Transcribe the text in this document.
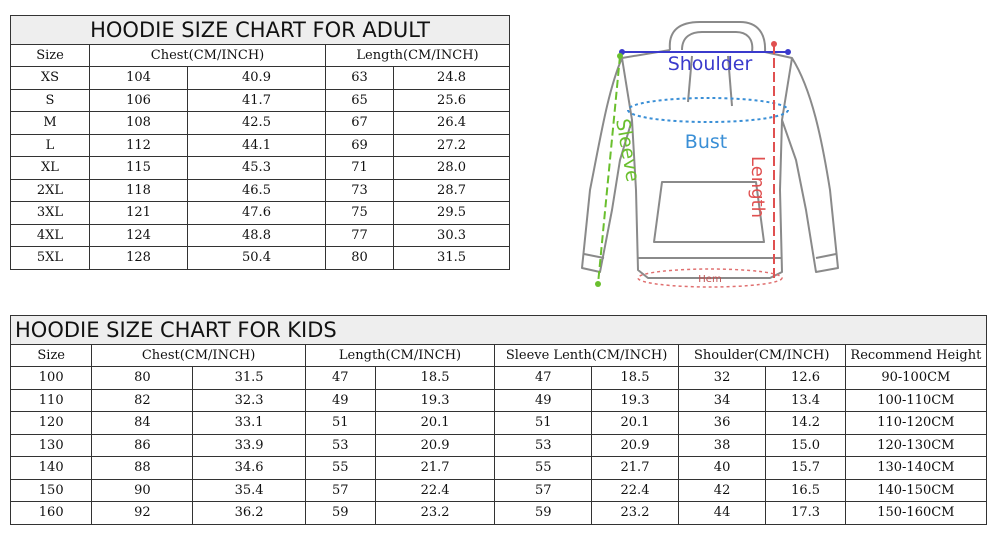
HOODIE SIZE CHART FOR ADULT				
Size	Chest(CM/INCH)		Length(CM/INCH)	
XS	104	40.9	63	24.8
S	106	41.7	65	25.6
M	108	42.5	67	26.4
L	112	44.1	69	27.2
XL	115	45.3	71	28.0
2XL	118	46.5	73	28.7
3XL	121	47.6	75	29.5
4XL	124	48.8	77	30.3
5XL	128	50.4	80	31.5
Shoulder
Bust
Sleeve
Length
Hem
HOODIE SIZE CHART FOR KIDS									
Size	Chest(CM/INCH)		Length(CM/INCH)		Sleeve Lenth(CM/INCH)		Shoulder(CM/INCH)		Recommend Height
100	80	31.5	47	18.5	47	18.5	32	12.6	90-100CM
110	82	32.3	49	19.3	49	19.3	34	13.4	100-110CM
120	84	33.1	51	20.1	51	20.1	36	14.2	110-120CM
130	86	33.9	53	20.9	53	20.9	38	15.0	120-130CM
140	88	34.6	55	21.7	55	21.7	40	15.7	130-140CM
150	90	35.4	57	22.4	57	22.4	42	16.5	140-150CM
160	92	36.2	59	23.2	59	23.2	44	17.3	150-160CM
